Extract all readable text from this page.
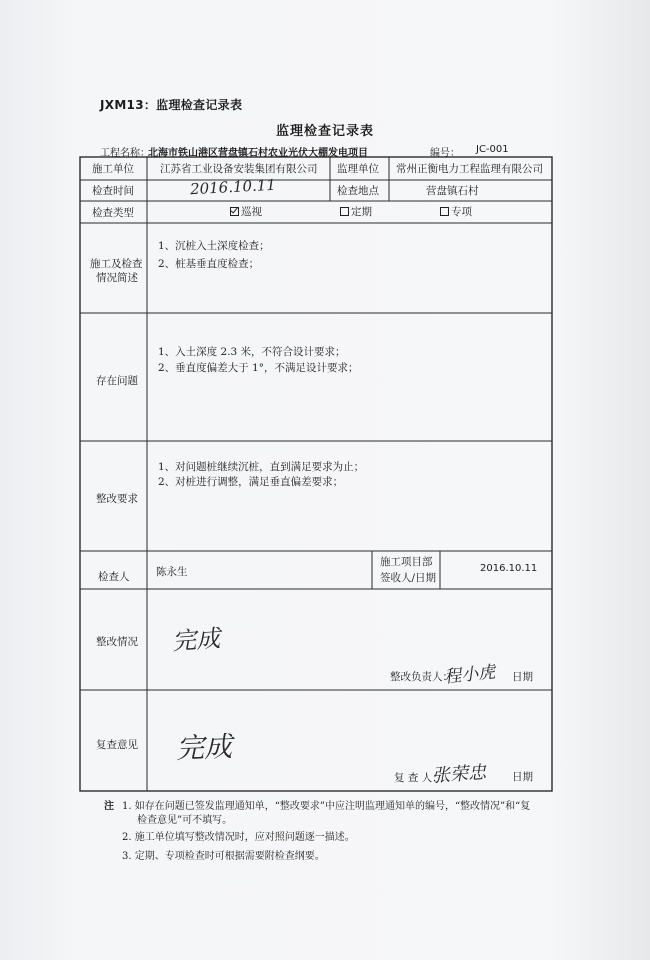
JXM13：监理检查记录表
监理检查记录表
工程名称：
北海市铁山港区营盘镇石村农业光伏大棚发电项目	编号： JC-001
施工单位 江苏省工业设备安装集团有限公司 监理单位 常州正衡电力工程监理有限公司
检查时间	2016.10.11	检查地点	营盘镇石村
检查类型	巡视	定期	专项
施工及检查
情况简述
1、沉桩入土深度检查；
2、桩基垂直度检查；
存在问题
1、入土深度 2.3 米，不符合设计要求；
2、垂直度偏差大于 1°，不满足设计要求；
整改要求
1、对问题桩继续沉桩，直到满足要求为止；
2、对桩进行调整，满足垂直偏差要求；
检查人	陈永生
施工项目部
签收人/日期
2016.10.11
整改情况 完成
整改负责人：
程小虎 日期
复查意见 完成
复 查 人：
张荣忠 日期
注 1. 如存在问题已签发监理通知单，“整改要求”中应注明监理通知单的编号，“整改情况”和“复
检查意见”可不填写。
2. 施工单位填写整改情况时，应对照问题逐一描述。
3. 定期、专项检查时可根据需要附检查纲要。
